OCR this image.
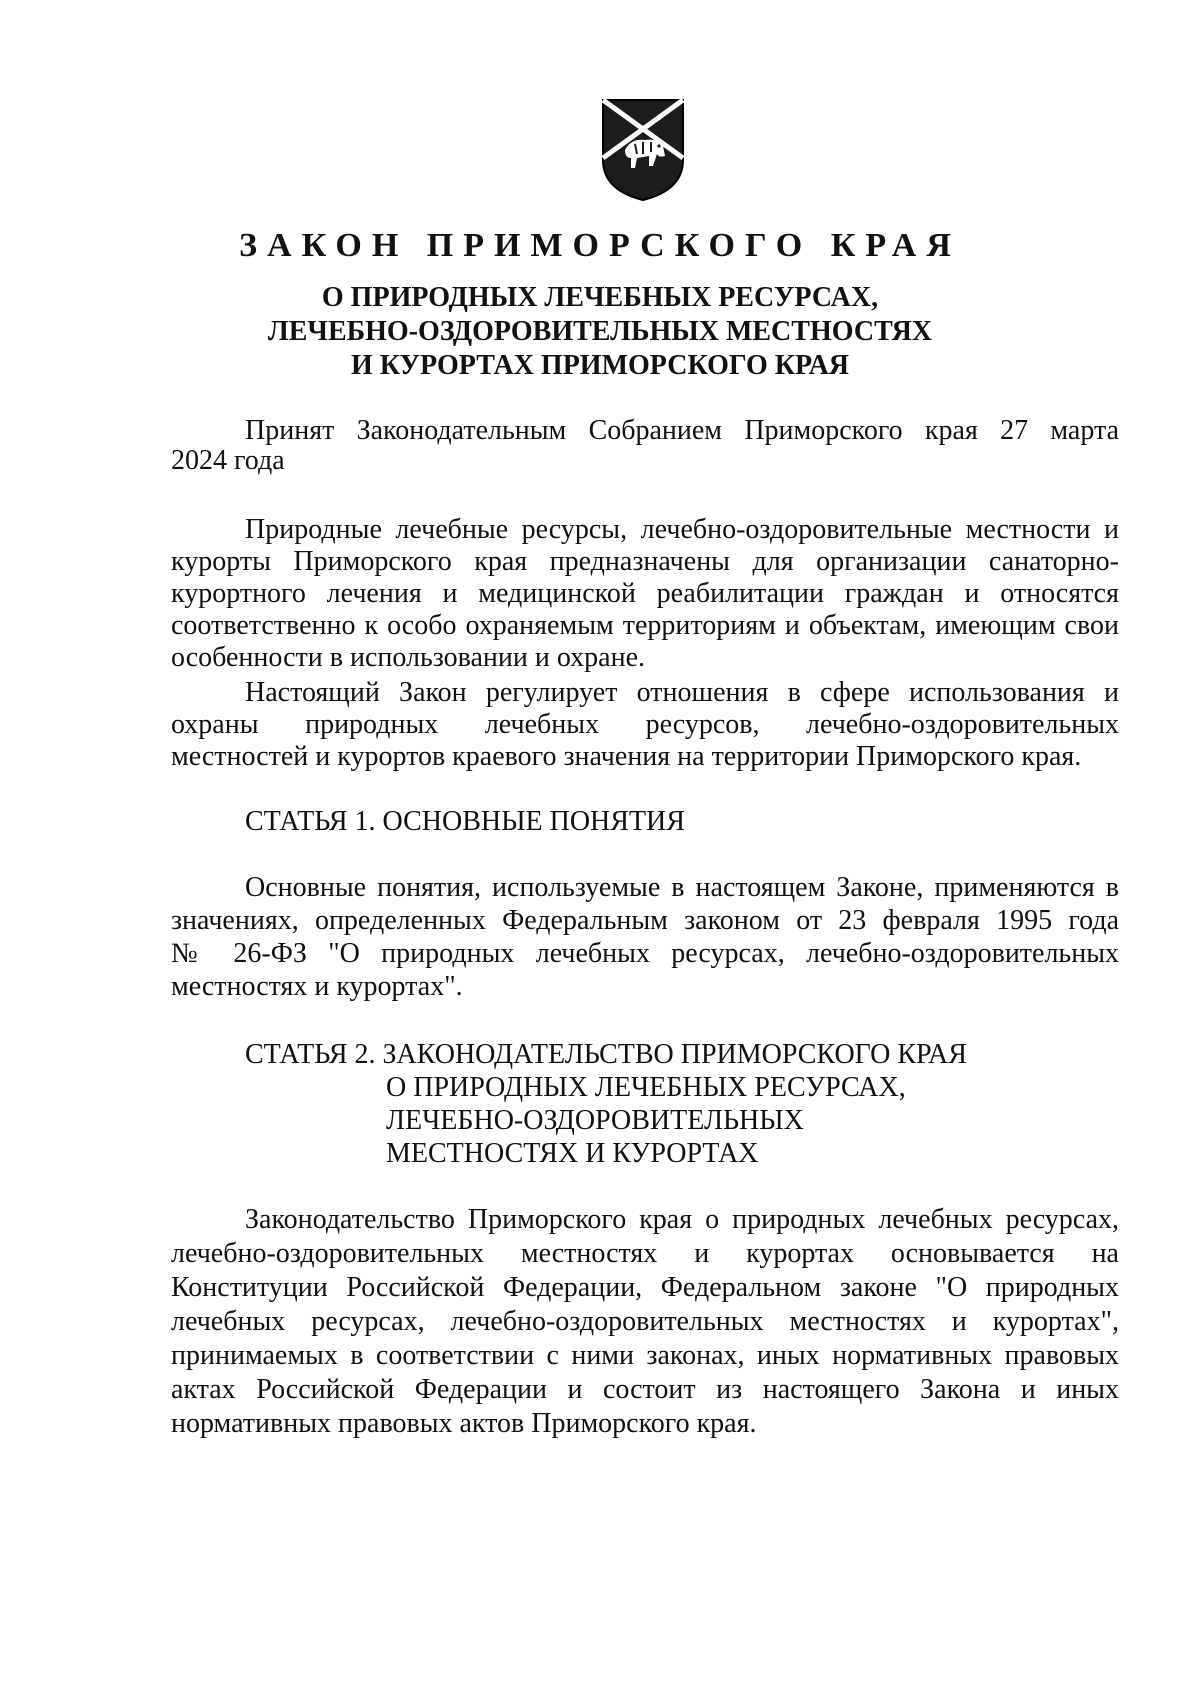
ЗАКОН ПРИМОРСКОГО КРАЯ
О ПРИРОДНЫХ ЛЕЧЕБНЫХ РЕСУРСАХ,
ЛЕЧЕБНО-ОЗДОРОВИТЕЛЬНЫХ МЕСТНОСТЯХ
И КУРОРТАХ ПРИМОРСКОГО КРАЯ
Принят Законодательным Собранием Приморского края 27 марта
2024 года
Природные лечебные ресурсы, лечебно-оздоровительные местности и
курорты Приморского края предназначены для организации санаторно-
курортного лечения и медицинской реабилитации граждан и относятся
соответственно к особо охраняемым территориям и объектам, имеющим свои
особенности в использовании и охране.
Настоящий Закон регулирует отношения в сфере использования и
охраны природных лечебных ресурсов, лечебно-оздоровительных
местностей и курортов краевого значения на территории Приморского края.
СТАТЬЯ 1. ОСНОВНЫЕ ПОНЯТИЯ
Основные понятия, используемые в настоящем Законе, применяются в
значениях, определенных Федеральным законом от 23 февраля 1995 года
№ 26-ФЗ "О природных лечебных ресурсах, лечебно-оздоровительных
местностях и курортах".
СТАТЬЯ 2. ЗАКОНОДАТЕЛЬСТВО ПРИМОРСКОГО КРАЯ
О ПРИРОДНЫХ ЛЕЧЕБНЫХ РЕСУРСАХ,
ЛЕЧЕБНО-ОЗДОРОВИТЕЛЬНЫХ
МЕСТНОСТЯХ И КУРОРТАХ
Законодательство Приморского края о природных лечебных ресурсах,
лечебно-оздоровительных местностях и курортах основывается на
Конституции Российской Федерации, Федеральном законе "О природных
лечебных ресурсах, лечебно-оздоровительных местностях и курортах",
принимаемых в соответствии с ними законах, иных нормативных правовых
актах Российской Федерации и состоит из настоящего Закона и иных
нормативных правовых актов Приморского края.
